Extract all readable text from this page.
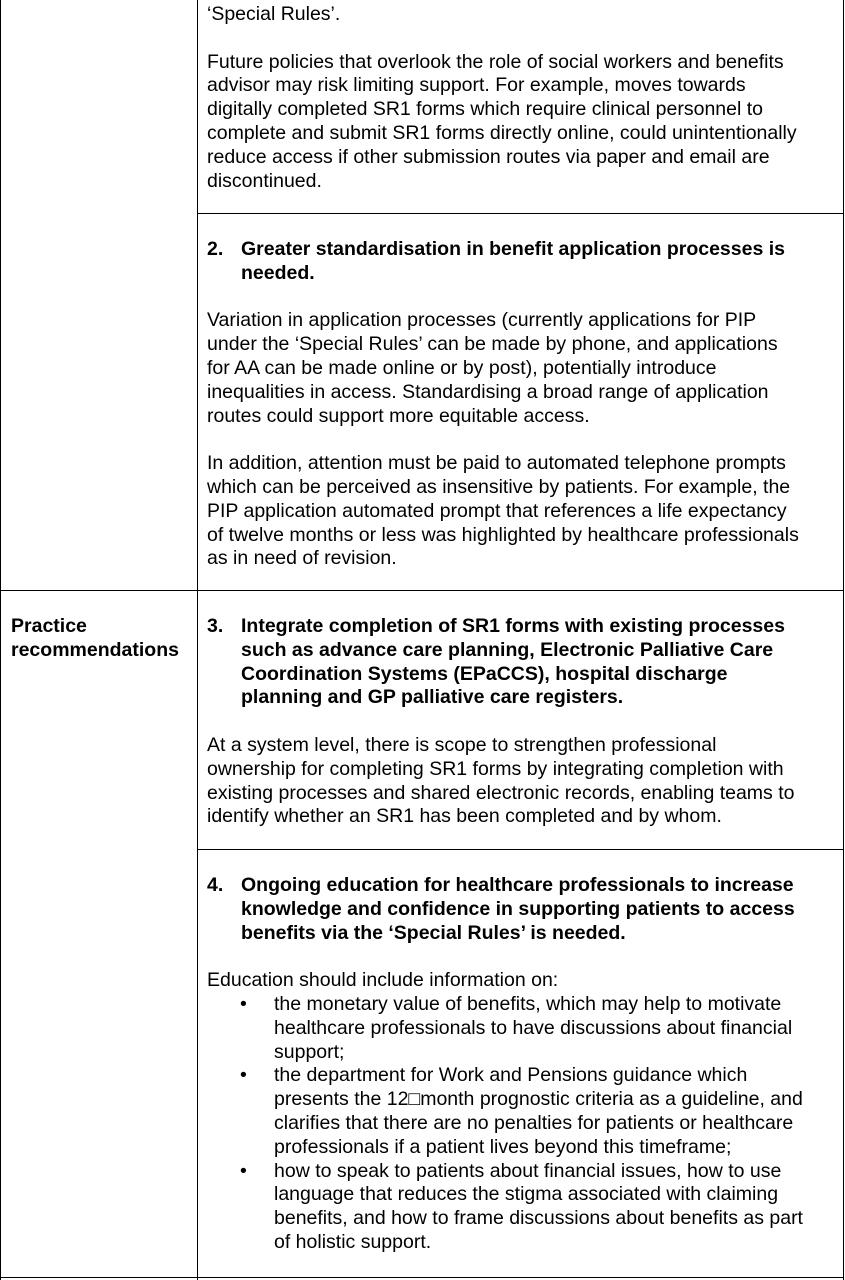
‘Special Rules’.

Future policies that overlook the role of social workers and benefits
advisor may risk limiting support. For example, moves towards
digitally completed SR1 forms which require clinical personnel to
complete and submit SR1 forms directly online, could unintentionally
reduce access if other submission routes via paper and email are
discontinued.

2. Greater standardisation in benefit application processes is
needed.

Variation in application processes (currently applications for PIP
under the ‘Special Rules’ can be made by phone, and applications
for AA can be made online or by post), potentially introduce
inequalities in access. Standardising a broad range of application
routes could support more equitable access.

In addition, attention must be paid to automated telephone prompts
which can be perceived as insensitive by patients. For example, the
PIP application automated prompt that references a life expectancy
of twelve months or less was highlighted by healthcare professionals
as in need of revision.

Practice
recommendations
3. Integrate completion of SR1 forms with existing processes
such as advance care planning, Electronic Palliative Care
Coordination Systems (EPaCCS), hospital discharge
planning and GP palliative care registers.

At a system level, there is scope to strengthen professional
ownership for completing SR1 forms by integrating completion with
existing processes and shared electronic records, enabling teams to
identify whether an SR1 has been completed and by whom.

4. Ongoing education for healthcare professionals to increase
knowledge and confidence in supporting patients to access
benefits via the ‘Special Rules’ is needed.

Education should include information on:

• the monetary value of benefits, which may help to motivate
healthcare professionals to have discussions about financial
support;
• the department for Work and Pensions guidance which
presents the 12□month prognostic criteria as a guideline, and
clarifies that there are no penalties for patients or healthcare
professionals if a patient lives beyond this timeframe;
• how to speak to patients about financial issues, how to use
language that reduces the stigma associated with claiming
benefits, and how to frame discussions about benefits as part
of holistic support.
